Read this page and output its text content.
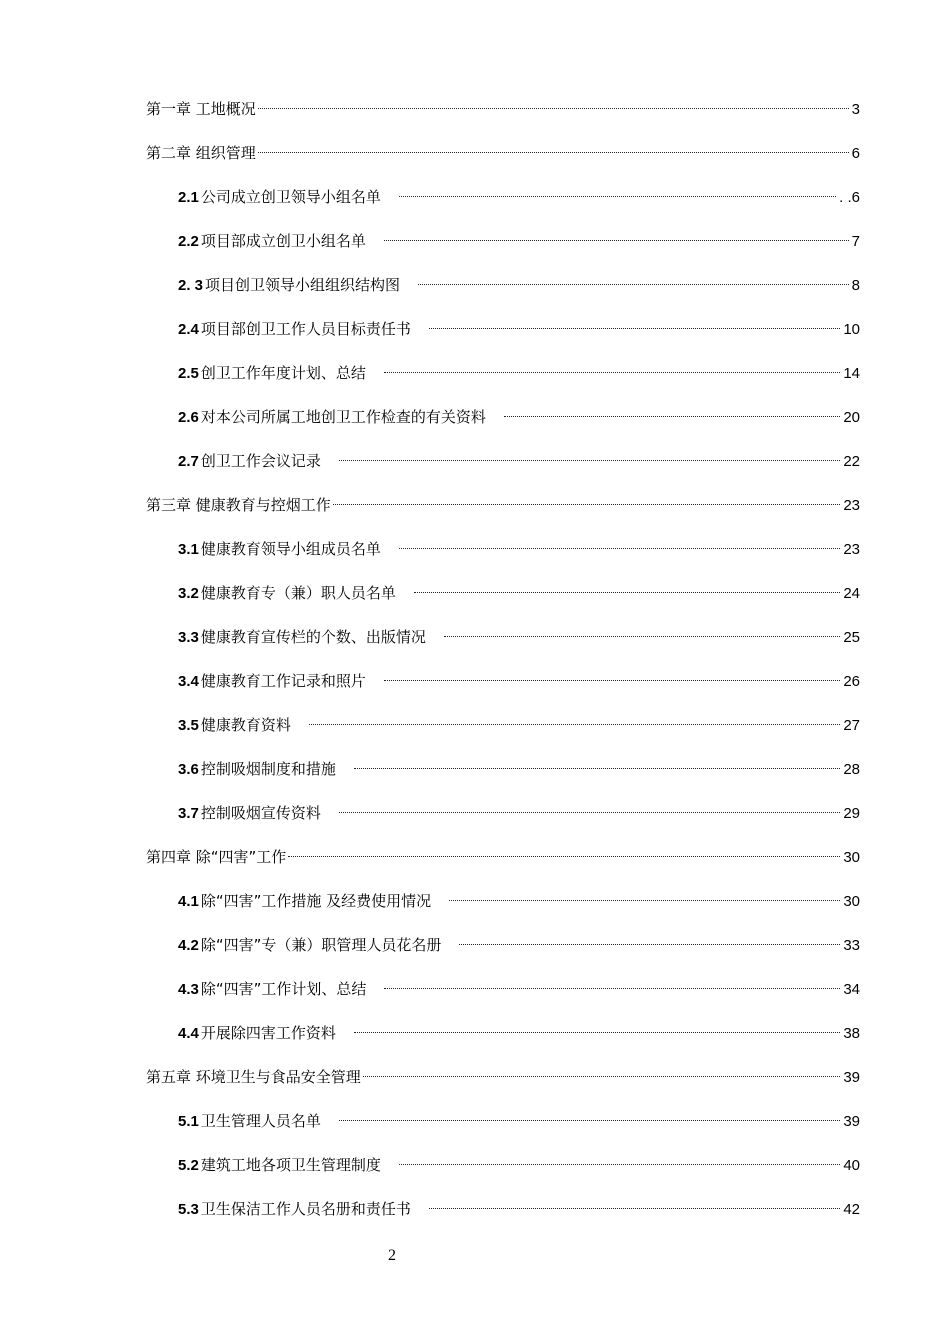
第一章 工地概况	3
第二章 组织管理	6
2.1 公司成立创卫领导小组名单	. .6
2.2 项目部成立创卫小组名单	7
2. 3 项目创卫领导小组组织结构图	8
2.4 项目部创卫工作人员目标责任书	10
2.5 创卫工作年度计划、总结	14
2.6 对本公司所属工地创卫工作检查的有关资料	20
2.7 创卫工作会议记录	22
第三章 健康教育与控烟工作	23
3.1 健康教育领导小组成员名单	23
3.2 健康教育专（兼）职人员名单	24
3.3 健康教育宣传栏的个数、出版情况	25
3.4 健康教育工作记录和照片	26
3.5 健康教育资料	27
3.6 控制吸烟制度和措施	28
3.7 控制吸烟宣传资料	29
第四章 除“四害”工作	30
4.1 除“四害”工作措施 及经费使用情况	30
4.2 除“四害”专（兼）职管理人员花名册	33
4.3 除“四害”工作计划、总结	34
4.4 开展除四害工作资料	38
第五章 环境卫生与食品安全管理	39
5.1 卫生管理人员名单	39
5.2 建筑工地各项卫生管理制度	40
5.3 卫生保洁工作人员名册和责任书	42
2
